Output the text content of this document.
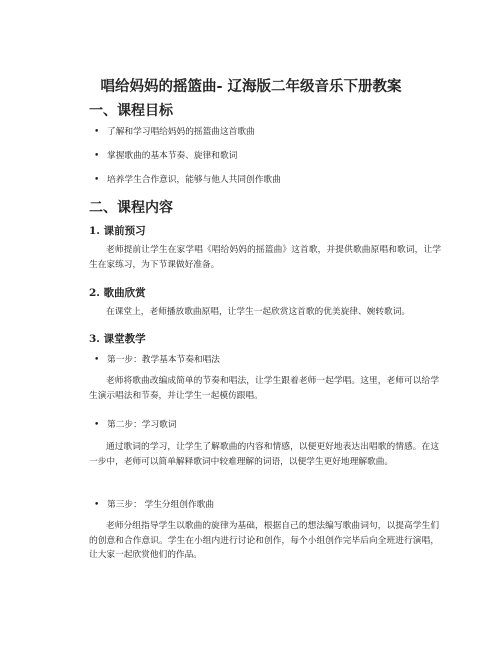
唱给妈妈的摇篮曲- 辽海版二年级音乐下册教案
一、课程目标
• 了解和学习唱给妈妈的摇篮曲这首歌曲
• 掌握歌曲的基本节奏、旋律和歌词
• 培养学生合作意识，能够与他人共同创作歌曲
二、课程内容
1. 课前预习
老师提前让学生在家学唱《唱给妈妈的摇篮曲》这首歌，并提供歌曲原唱和歌词，让学生在家练习，为下节课做好准备。
2. 歌曲欣赏
在课堂上，老师播放歌曲原唱，让学生一起欣赏这首歌的优美旋律、婉转歌词。
3. 课堂教学
• 第一步：教学基本节奏和唱法
老师将歌曲改编成简单的节奏和唱法，让学生跟着老师一起学唱。这里，老师可以给学生演示唱法和节奏，并让学生一起模仿跟唱。
• 第二步：学习歌词
通过歌词的学习，让学生了解歌曲的内容和情感，以便更好地表达出唱歌的情感。在这一步中，老师可以简单解释歌词中较难理解的词语，以便学生更好地理解歌曲。
• 第三步： 学生分组创作歌曲
老师分组指导学生以歌曲的旋律为基础，根据自己的想法编写歌曲词句，以提高学生们的创意和合作意识。学生在小组内进行讨论和创作，每个小组创作完毕后向全班进行演唱，让大家一起欣赏他们的作品。
